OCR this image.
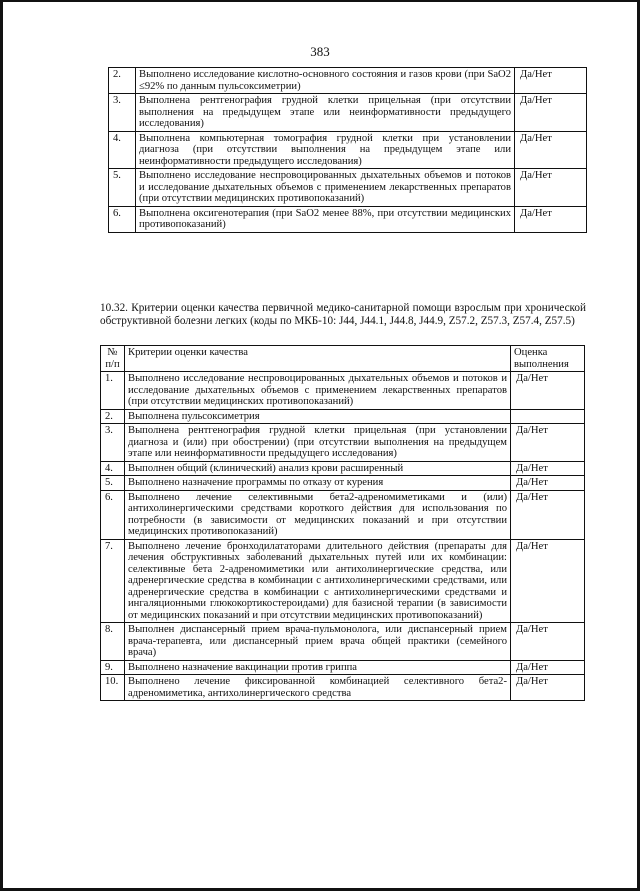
383
2.	Выполнено исследование кислотно-основного состояния и газов крови (при SaO2 ≤92% по данным пульсоксиметрии)	Да/Нет
3.	Выполнена рентгенография грудной клетки прицельная (при отсутствии выполнения на предыдущем этапе или неинформативности предыдущего исследования)	Да/Нет
4.	Выполнена компьютерная томография грудной клетки при установлении диагноза (при отсутствии выполнения на предыдущем этапе или неинформативности предыдущего исследования)	Да/Нет
5.	Выполнено исследование неспровоцированных дыхательных объемов и потоков и исследование дыхательных объемов с применением лекарственных препаратов (при отсутствии медицинских противопоказаний)	Да/Нет
6.	Выполнена оксигенотерапия (при SaO2 менее 88%, при отсутствии медицинских противопоказаний)	Да/Нет
10.32. Критерии оценки качества первичной медико-санитарной помощи взрослым при хронической обструктивной болезни легких (коды по МКБ-10: J44, J44.1, J44.8, J44.9, Z57.2, Z57.3, Z57.4, Z57.5)
№ п/п	Критерии оценки качества	Оценка выполнения
1.	Выполнено исследование неспровоцированных дыхательных объемов и потоков и исследование дыхательных объемов с применением лекарственных препаратов (при отсутствии медицинских противопоказаний)	Да/Нет
2.	Выполнена пульсоксиметрия	
3.	Выполнена рентгенография грудной клетки прицельная (при установлении диагноза и (или) при обострении) (при отсутствии выполнения на предыдущем этапе или неинформативности предыдущего исследования)	Да/Нет
4.	Выполнен общий (клинический) анализ крови расширенный	Да/Нет
5.	Выполнено назначение программы по отказу от курения	Да/Нет
6.	Выполнено лечение селективными бета2-адреномиметиками и (или) антихолинергическими средствами короткого действия для использования по потребности (в зависимости от медицинских показаний и при отсутствии медицинских противопоказаний)	Да/Нет
7.	Выполнено лечение бронходилататорами длительного действия (препараты для лечения обструктивных заболеваний дыхательных путей или их комбинации: селективные бета 2-адреномиметики или антихолинергические средства, или адренергические средства в комбинации с антихолинергическими средствами, или адренергические средства в комбинации с антихолинергическими средствами и ингаляционными глюкокортикостероидами) для базисной терапии (в зависимости от медицинских показаний и при отсутствии медицинских противопоказаний)	Да/Нет
8.	Выполнен диспансерный прием врача-пульмонолога, или диспансерный прием врача-терапевта, или диспансерный прием врача общей практики (семейного врача)	Да/Нет
9.	Выполнено назначение вакцинации против гриппа	Да/Нет
10.	Выполнено лечение фиксированной комбинацией селективного бета2-адреномиметика, антихолинергического средства	Да/Нет
